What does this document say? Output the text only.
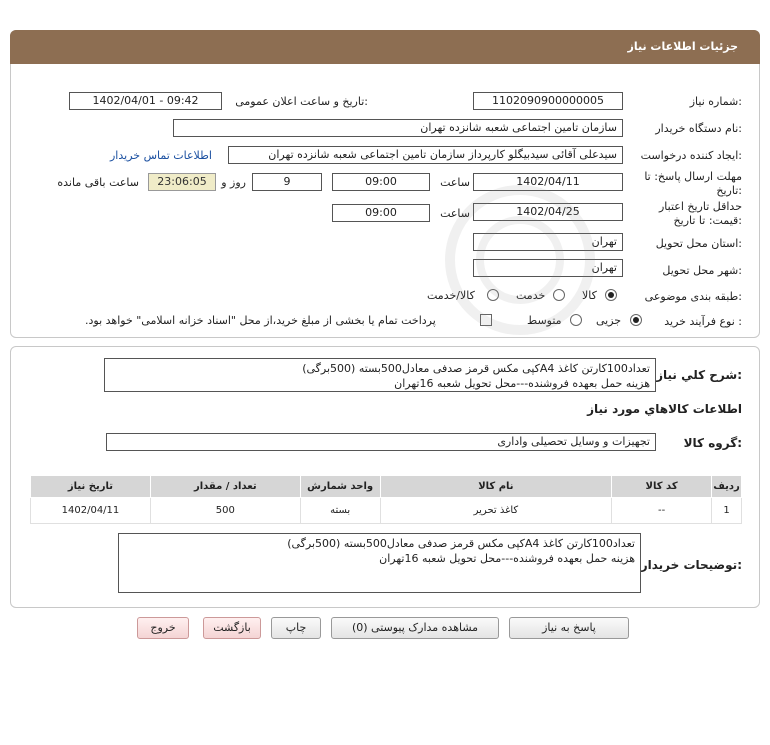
جزئیات اطلاعات نیاز
شماره نیاز:
1102090900000005
تاریخ و ساعت اعلان عمومی:
1402/04/01 - 09:42
نام دستگاه خریدار:
سازمان تامین اجتماعی شعبه شانزده تهران
ایجاد کننده درخواست:
سیدعلی آقائی سیدبیگلو کارپرداز سازمان تامین اجتماعی شعبه شانزده تهران
اطلاعات تماس خریدار
مهلت ارسال پاسخ: تا
تاریخ:
1402/04/11
ساعت
09:00
9
روز و
23:06:05
ساعت باقی مانده
حداقل تاریخ اعتبار
قیمت: تا تاریخ:
1402/04/25
ساعت
09:00
استان محل تحویل:
تهران
شهر محل تحویل:
تهران
طبقه بندی موضوعی:
کالا
خدمت
کالا/خدمت
نوع فرآیند خرید :
جزیی
متوسط
پرداخت تمام یا بخشی از مبلغ خرید،از محل "اسناد خزانه اسلامی" خواهد بود.
شرح کلي نياز:
تعداد100کارتن کاغذ A4کپی مکس قرمز صدفی معادل500بسته (500برگی)
هزینه حمل بعهده فروشنده---محل تحویل شعبه 16تهران
اطلاعات کالاهاي مورد نياز
گروه کالا:
تجهیزات و وسایل تحصیلی واداری
ردیف	کد کالا	نام کالا	واحد شمارش	تعداد / مقدار	تاریخ نیاز
1	--	کاغذ تحریر	بسته	500	1402/04/11
توضیحات خریدار:
تعداد100کارتن کاغذ A4کپی مکس قرمز صدفی معادل500بسته (500برگی)
هزینه حمل بعهده فروشنده---محل تحویل شعبه 16تهران
پاسخ به نیاز
مشاهده مدارک پیوستی (0)
چاپ
بازگشت
خروج
